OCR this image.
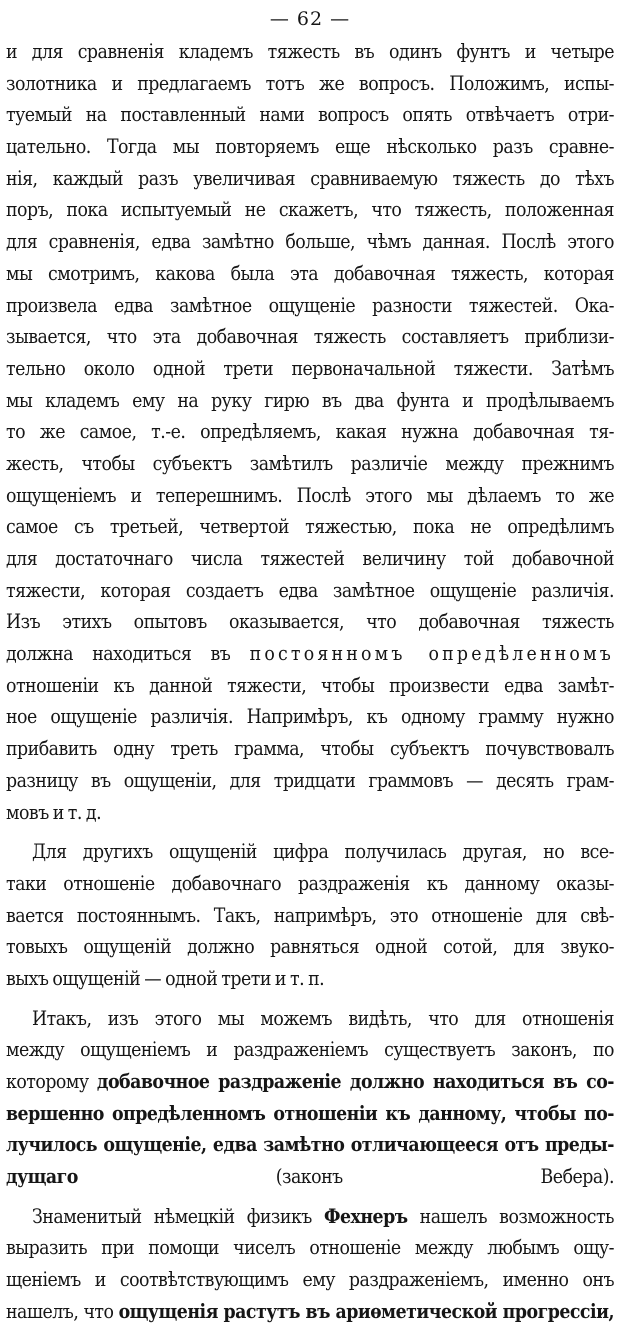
— 62 —
и для сравненія кладемъ тяжесть въ одинъ фунтъ и четыре
золотника и предлагаемъ тотъ же вопросъ. Положимъ, испы-
туемый на поставленный нами вопросъ опять отвѣчаетъ отри-
цательно. Тогда мы повторяемъ еще нѣсколько разъ сравне-
нія, каждый разъ увеличивая сравниваемую тяжесть до тѣхъ
поръ, пока испытуемый не скажетъ, что тяжесть, положенная
для сравненія, едва замѣтно больше, чѣмъ данная. Послѣ этого
мы смотримъ, какова была эта добавочная тяжесть, которая
произвела едва замѣтное ощущеніе разности тяжестей. Ока-
зывается, что эта добавочная тяжесть составляетъ приблизи-
тельно около одной трети первоначальной тяжести. Затѣмъ
мы кладемъ ему на руку гирю въ два фунта и продѣлываемъ
то же самое, т.-е. опредѣляемъ, какая нужна добавочная тя-
жесть, чтобы субъектъ замѣтилъ различіе между прежнимъ
ощущеніемъ и теперешнимъ. Послѣ этого мы дѣлаемъ то же
самое съ третьей, четвертой тяжестью, пока не опредѣлимъ
для достаточнаго числа тяжестей величину той добавочной
тяжести, которая создаетъ едва замѣтное ощущеніе различія.
Изъ этихъ опытовъ оказывается, что добавочная тяжесть
должна находиться въ постоянномъ опредѣленномъ
отношеніи къ данной тяжести, чтобы произвести едва замѣт-
ное ощущеніе различія. Напримѣръ, къ одному грамму нужно
прибавить одну треть грамма, чтобы субъектъ почувствовалъ
разницу въ ощущеніи, для тридцати граммовъ — десять грам-
мовъ и т. д.
Для другихъ ощущеній цифра получилась другая, но все-
таки отношеніе добавочнаго раздраженія къ данному оказы-
вается постояннымъ. Такъ, напримѣръ, это отношеніе для свѣ-
товыхъ ощущеній должно равняться одной сотой, для звуко-
выхъ ощущеній — одной трети и т. п.
Итакъ, изъ этого мы можемъ видѣть, что для отношенія
между ощущеніемъ и раздраженіемъ существуетъ законъ, по
которому добавочное раздраженіе должно находиться въ со-
вершенно опредѣленномъ отношеніи къ данному, чтобы по-
лучилось ощущеніе, едва замѣтно отличающееся отъ преды-
дущаго (законъ Вебера).
Знаменитый нѣмецкій физикъ Фехнеръ нашелъ возможность
выразить при помощи чиселъ отношеніе между любымъ ощу-
щеніемъ и соотвѣтствующимъ ему раздраженіемъ, именно онъ
нашелъ, что ощущенія растутъ въ ариѳметической прогрессіи,
